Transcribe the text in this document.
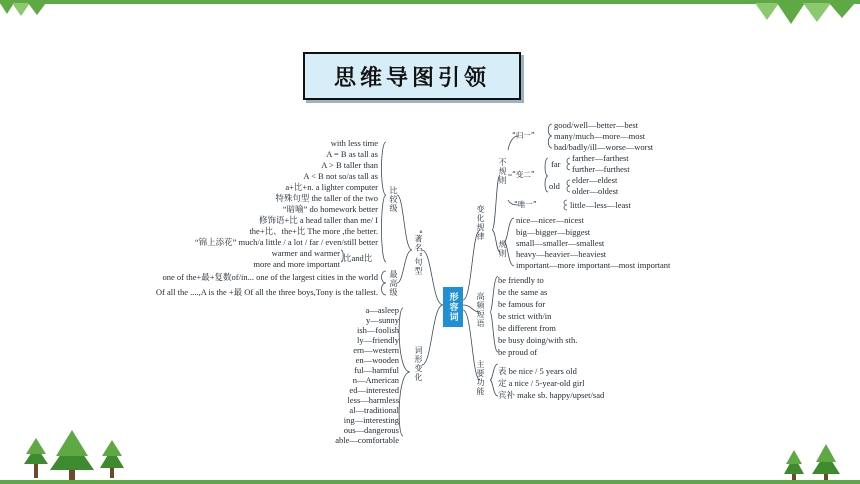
思维导图引领
形容词
比较级
"著名"句型
最高级
词形变化
with less time
A = B as tall as
A > B taller than
A < B not so/as tall as
a+比+n. a lighter computer
特殊句型 the taller of the two
“暗喻” do homework better
修饰语+比 a head taller than me/ I
the+比、the+比 The more ,the better.
“锦上添花” much/a little / a lot / far / even/still better
warmer and warmer
more and more important
比and比
one of the+最+复数of/in... one of the largest cities in the world
Of all the ....,A is the +最 Of all the three boys,Tony is the tallest.
a—asleep
y—sunny
ish—foolish
ly—friendly
ern—western
en—wooden
ful—harmful
n—American
ed—interested
less—harmless
al—traditional
ing—interesting
ous—dangerous
able—comfortable
变化规律
不规则
规则
高频短语
主要功能
“归一”
“变二”
“唯一”
good/well—better—best
many/much—more—most
bad/badly/ill—worse—worst
far
farther—farthest
further—furthest
old
elder—eldest
older—oldest
little—less—least
nice—nicer—nicest
big—bigger—biggest
small—smaller—smallest
heavy—heavier—heaviest
important—more important—most important
be friendly to
be the same as
be famous for
be strict with/in
be different from
be busy doing/with sth.
be proud of
表 be nice / 5 years old
定 a nice / 5-year-old girl
宾补 make sb. happy/upset/sad
